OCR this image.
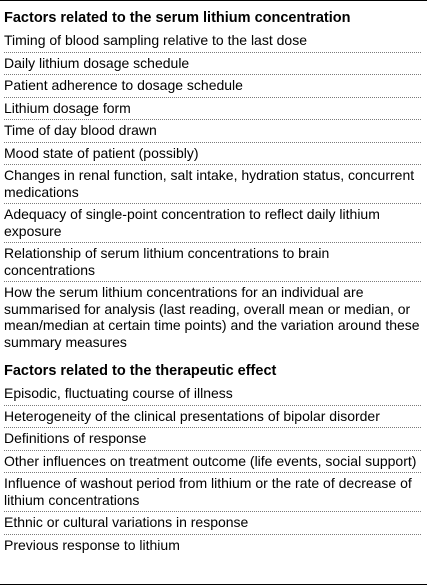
Factors related to the serum lithium concentration
Timing of blood sampling relative to the last dose
Daily lithium dosage schedule
Patient adherence to dosage schedule
Lithium dosage form
Time of day blood drawn
Mood state of patient (possibly)
Changes in renal function, salt intake, hydration status, concurrent medications
Adequacy of single-point concentration to reflect daily lithium exposure
Relationship of serum lithium concentrations to brain concentrations
How the serum lithium concentrations for an individual are summarised for analysis (last reading, overall mean or median, or mean/median at certain time points) and the variation around these summary measures
Factors related to the therapeutic effect
Episodic, fluctuating course of illness
Heterogeneity of the clinical presentations of bipolar disorder
Definitions of response
Other influences on treatment outcome (life events, social support)
Influence of washout period from lithium or the rate of decrease of lithium concentrations
Ethnic or cultural variations in response
Previous response to lithium
